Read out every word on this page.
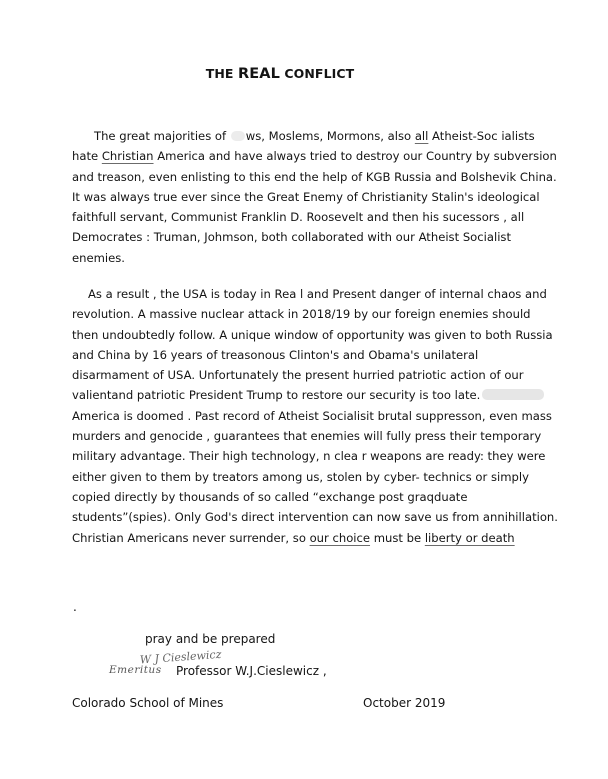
THE REAL CONFLICT

The great majorities of ws, Moslems, Mormons, also all Atheist-Soc ialists hate Christian America and have always tried to destroy our Country by subversion and treason, even enlisting to this end the help of KGB Russia and Bolshevik China. It was always true ever since the Great Enemy of Christianity Stalin's ideological faithfull servant, Communist Franklin D. Roosevelt and then his sucessors , all Democrates : Truman, Johmson, both collaborated with our Atheist Socialist enemies.

As a result , the USA is today in Rea l and Present danger of internal chaos and revolution. A massive nuclear attack in 2018/19 by our foreign enemies should then undoubtedly follow. A unique window of opportunity was given to both Russia and China by 16 years of treasonous Clinton's and Obama's unilateral disarmament of USA. Unfortunately the present hurried patriotic action of our valientand patriotic President Trump to restore our security is too late. America is doomed . Past record of Atheist Socialisit brutal suppresson, even mass murders and genocide , guarantees that enemies will fully press their temporary military advantage. Their high technology, n clea r weapons are ready: they were either given to them by treators among us, stolen by cyber- technics or simply copied directly by thousands of so called “exchange post graqduate students”(spies). Only God's direct intervention can now save us from annihillation. Christian Americans never surrender, so our choice must be liberty or death

.
pray and be prepared
W J Cieslewicz
Emeritus Professor W.J.Cieslewicz ,
Colorado School of Mines	October 2019
